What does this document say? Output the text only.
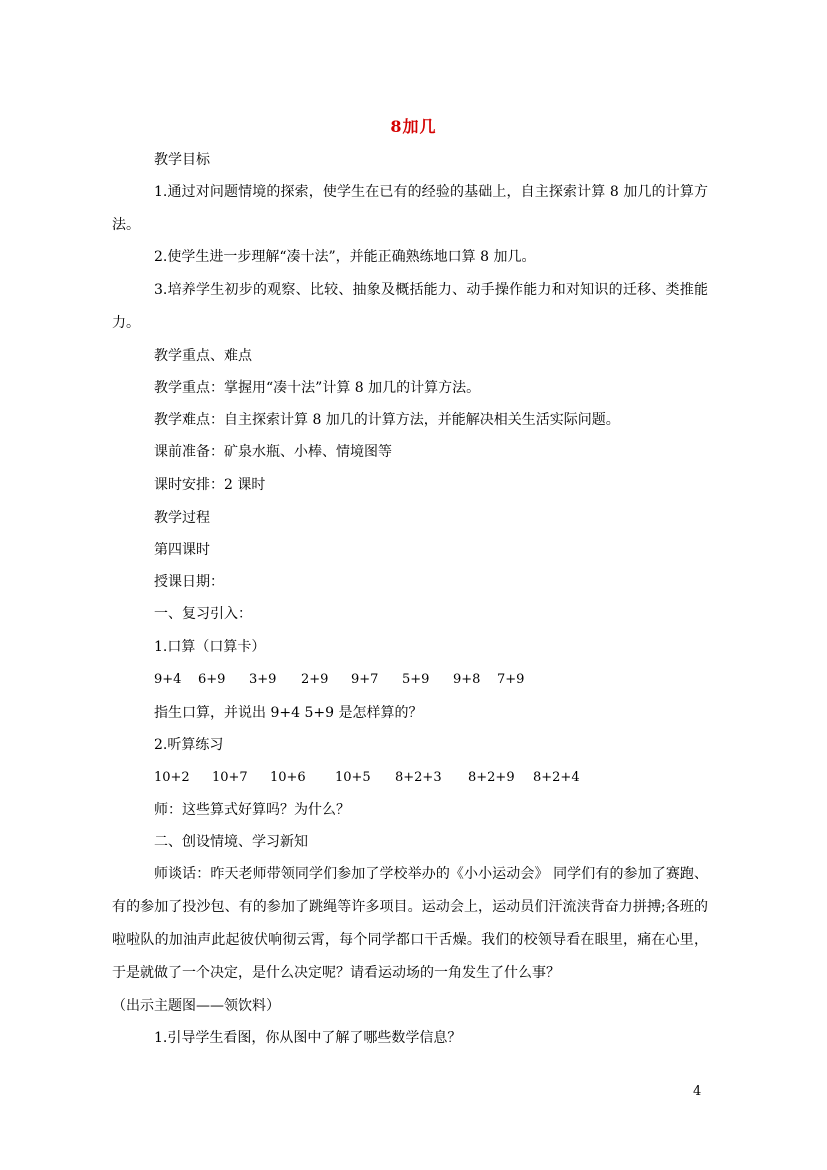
8加几
教学目标
1.通过对问题情境的探索，使学生在已有的经验的基础上，自主探索计算 8 加几的计算方法。
2.使学生进一步理解“凑十法”，并能正确熟练地口算 8 加几。
3.培养学生初步的观察、比较、抽象及概括能力、动手操作能力和对知识的迁移、类推能力。
教学重点、难点
教学重点：掌握用“凑十法”计算 8 加几的计算方法。
教学难点：自主探索计算 8 加几的计算方法，并能解决相关生活实际问题。
课前准备：矿泉水瓶、小棒、情境图等
课时安排：2 课时
教学过程
第四课时
授课日期：
一、复习引入：
1.口算（口算卡）
9+4 6+9 3+9 2+9 9+7 5+9 9+8 7+9
指生口算，并说出 9+4 5+9 是怎样算的？
2.听算练习
10+2 10+7 10+6 10+5 8+2+3 8+2+9 8+2+4
师：这些算式好算吗？为什么？
二、创设情境、学习新知
师谈话：昨天老师带领同学们参加了学校举办的《小小运动会》 同学们有的参加了赛跑、有的参加了投沙包、有的参加了跳绳等许多项目。运动会上，运动员们汗流浃背奋力拼搏;各班的啦啦队的加油声此起彼伏响彻云霄，每个同学都口干舌燥。我们的校领导看在眼里，痛在心里，于是就做了一个决定，是什么决定呢？请看运动场的一角发生了什么事？
（出示主题图——领饮料）
1.引导学生看图，你从图中了解了哪些数学信息？
4
